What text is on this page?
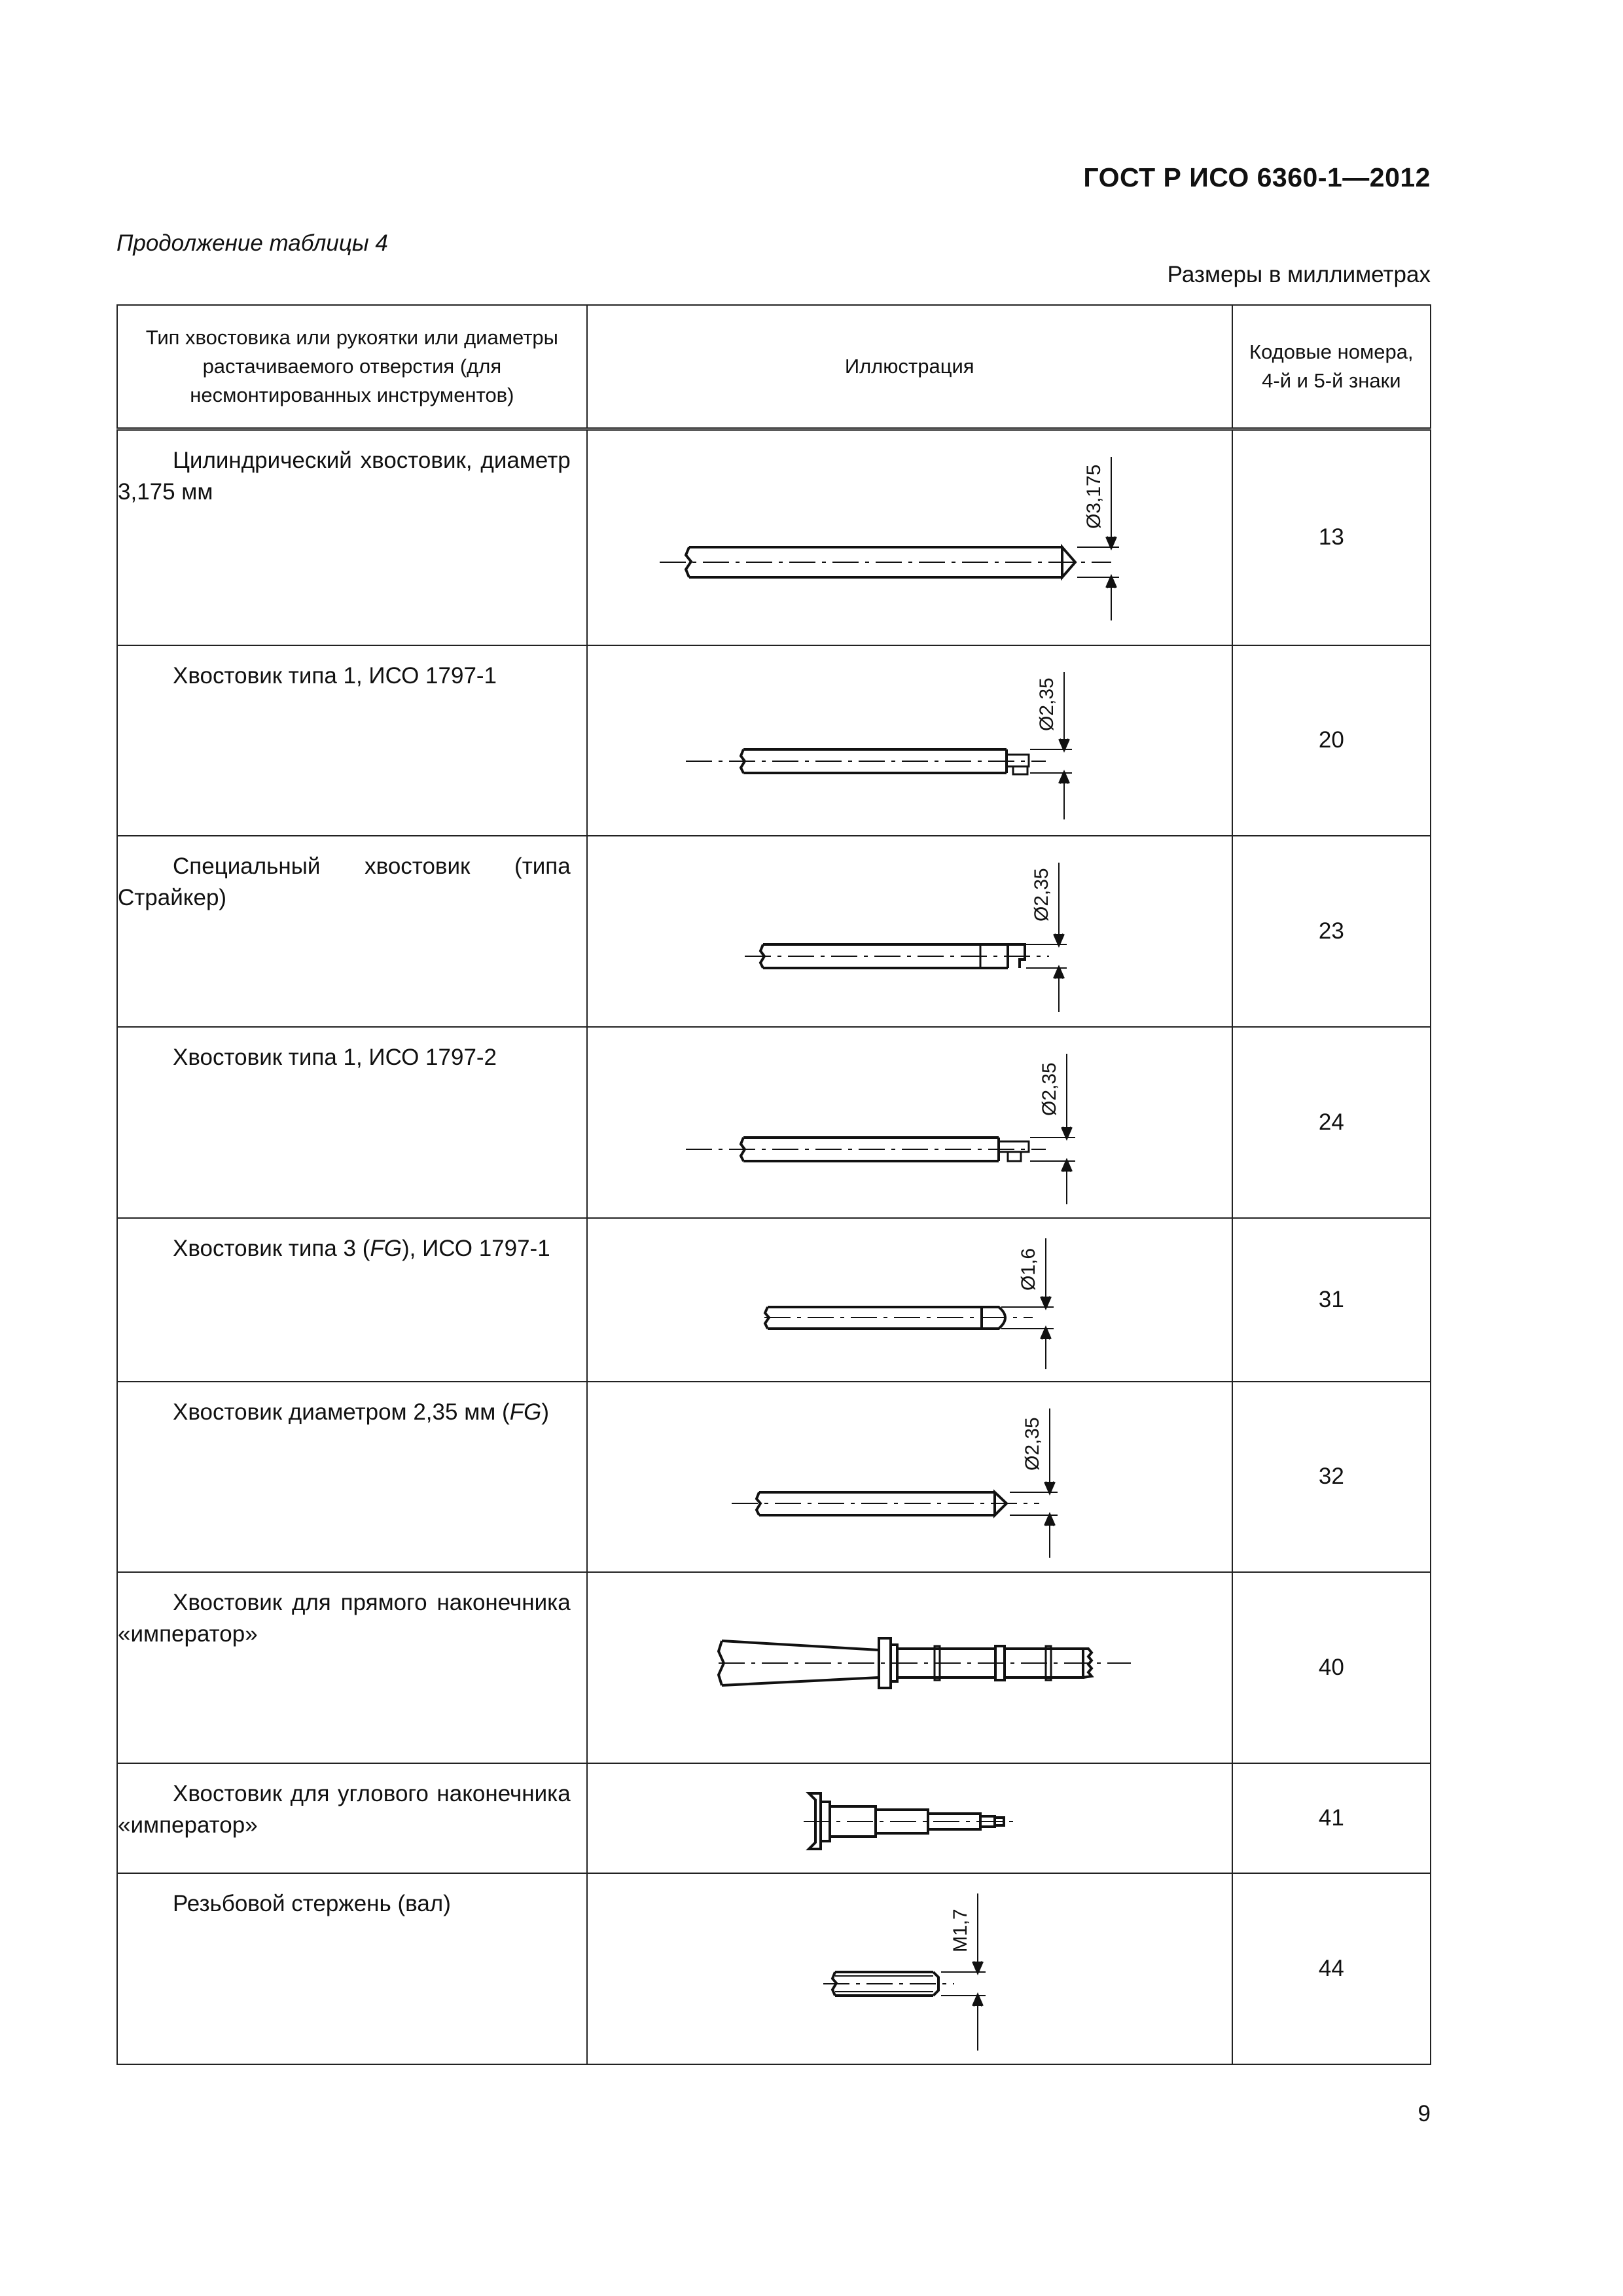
ГОСТ Р ИСО 6360-1—2012
Продолжение таблицы 4
Размеры в миллиметрах
Тип хвостовика или рукоятки или диаметры растачиваемого отверстия (для несмонтированных инструментов)	Иллюстрация	Кодовые номера, 4-й и 5-й знаки

Цилиндрический хвостовик, диаметр 3,175 мм	Ø3,175	13

Хвостовик типа 1, ИСО 1797-1	Ø2,35	20

Специальный хвостовик (типа Страйкер)	Ø2,35	23

Хвостовик типа 1, ИСО 1797-2	Ø2,35	24

Хвостовик типа 3 (FG), ИСО 1797-1	Ø1,6	31

Хвостовик диаметром 2,35 мм (FG)	Ø2,35	32

Хвостовик для прямого наконечника «император»		40

Хвостовик для углового наконечника «император»		41

Резьбовой стержень (вал)	M1,7	44
9
